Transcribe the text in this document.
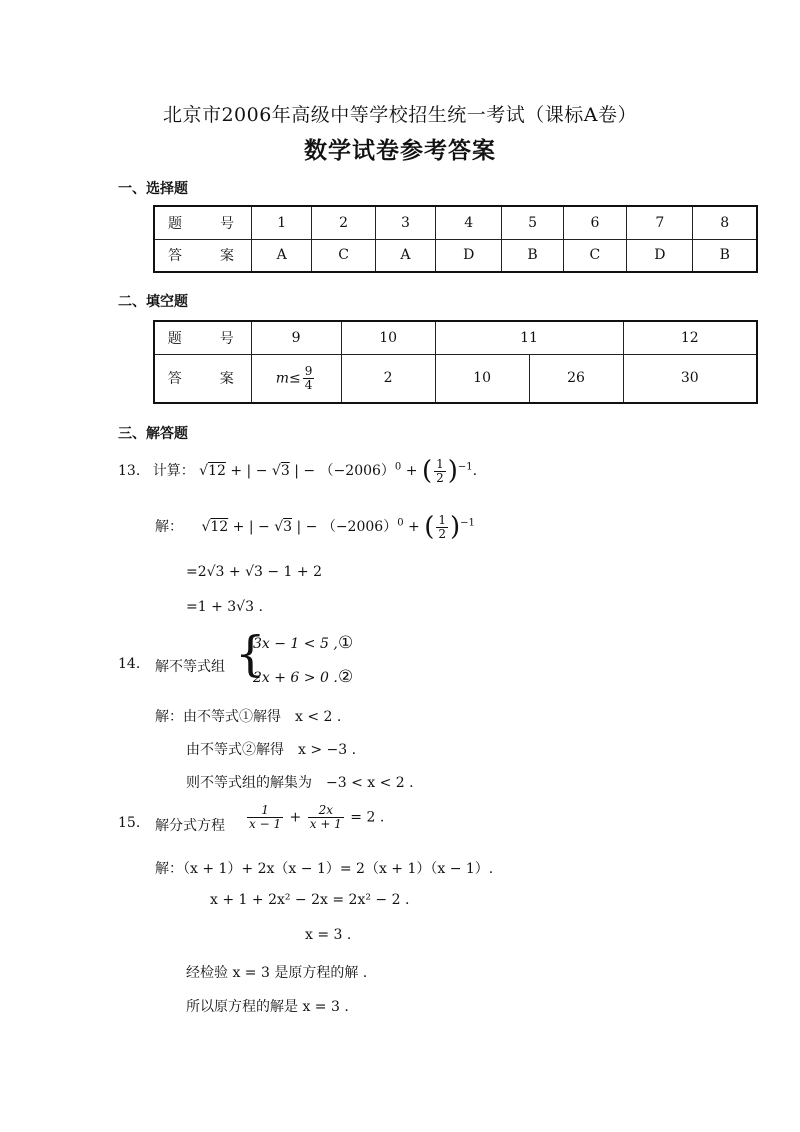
北京市2006年高级中等学校招生统一考试（课标A卷）
数学试卷参考答案
一、选择题
题　号	1	2	3	4	5	6	7	8
答　案	A	C	A	D	B	C	D	B
二、填空题
题　号	9	10	11		12
答　案	$m\le \frac{9}{4}$	2	10	26	30
三、解答题
13. 计算： √12 + | − √3 | − $(-2006)^0$ + ( $\frac{1}{2} )^{-1}$.
解： √12 + | − √3 | − $(-2006)^0$ + ( $\frac{1}{2} )^{-1}$
=2√3 + √3 − 1 + 2
=1 + 3√3 .
14. 解不等式组 {
3x − 1 < 5 , ①
2x + 6 > 0 . ②
解：由不等式①解得　x < 2 .
由不等式②解得　x > −3 .
则不等式组的解集为　−3 < x < 2 .
15. 解分式方程 $\frac{1}{x - 1} + \frac{2x}{x + 1} = 2$ .
解：（x + 1）+ 2x（x − 1）= 2（x + 1）（x − 1）.
x + 1 + 2x² − 2x = 2x² − 2 .
x = 3 .
经检验 x = 3 是原方程的解 .
所以原方程的解是 x = 3 .
